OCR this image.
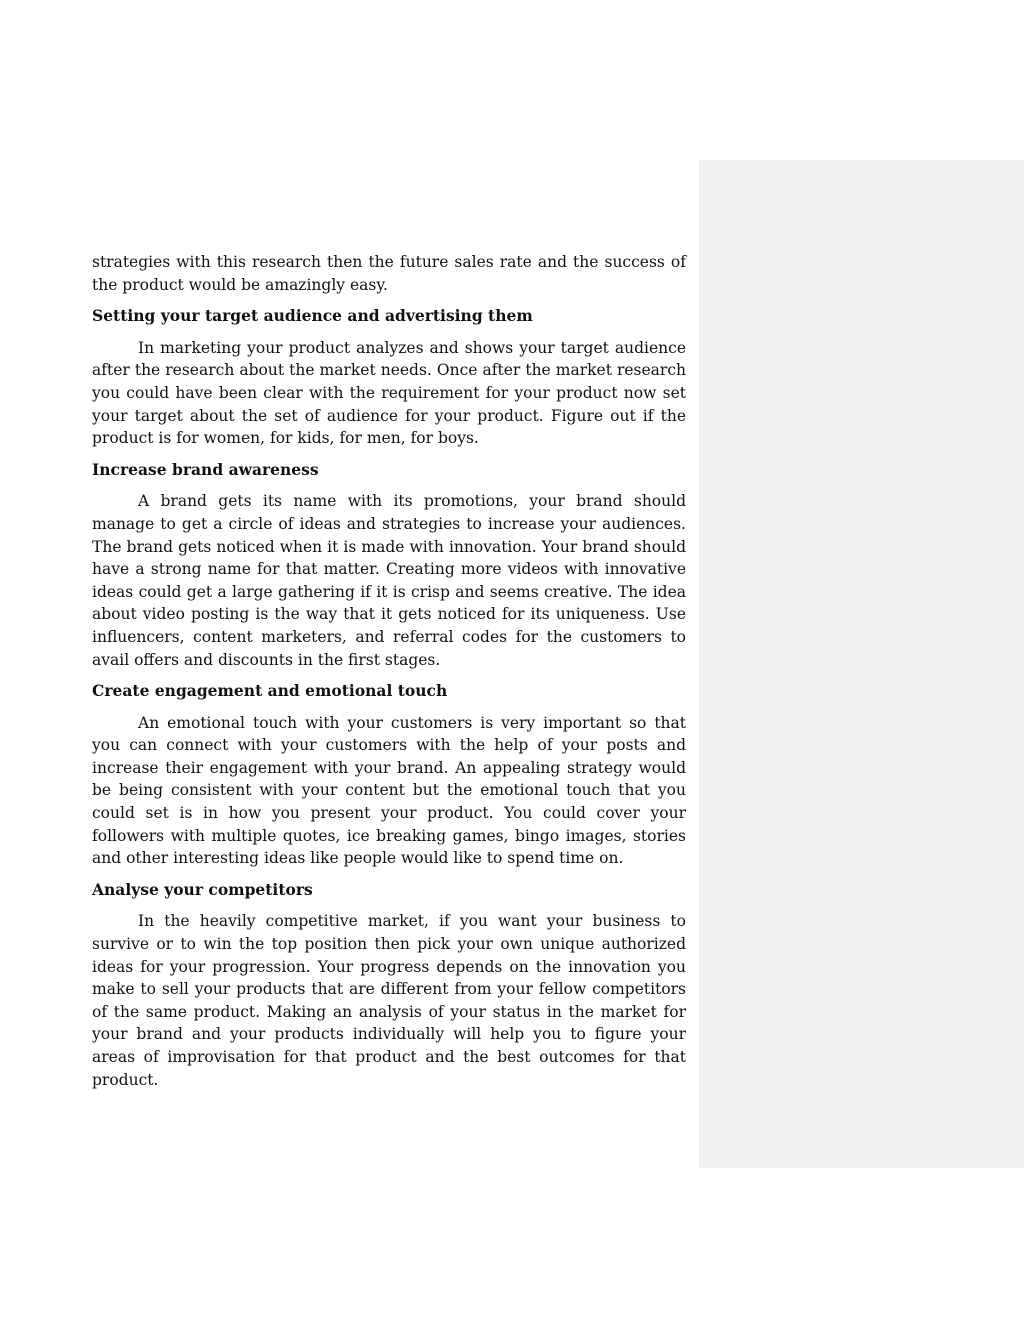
strategies with this research then the future sales rate and the success of the product would be amazingly easy.

Setting your target audience and advertising them

In marketing your product analyzes and shows your target audience after the research about the market needs. Once after the market research you could have been clear with the requirement for your product now set your target about the set of audience for your product. Figure out if the product is for women, for kids, for men, for boys.

Increase brand awareness

A brand gets its name with its promotions, your brand should manage to get a circle of ideas and strategies to increase your audiences. The brand gets noticed when it is made with innovation. Your brand should have a strong name for that matter. Creating more videos with innovative ideas could get a large gathering if it is crisp and seems creative. The idea about video posting is the way that it gets noticed for its uniqueness. Use influencers, content marketers, and referral codes for the customers to avail offers and discounts in the first stages.

Create engagement and emotional touch

An emotional touch with your customers is very important so that you can connect with your customers with the help of your posts and increase their engagement with your brand. An appealing strategy would be being consistent with your content but the emotional touch that you could set is in how you present your product. You could cover your followers with multiple quotes, ice breaking games, bingo images, stories and other interesting ideas like people would like to spend time on.

Analyse your competitors

In the heavily competitive market, if you want your business to survive or to win the top position then pick your own unique authorized ideas for your progression. Your progress depends on the innovation you make to sell your products that are different from your fellow competitors of the same product. Making an analysis of your status in the market for your brand and your products individually will help you to figure your areas of improvisation for that product and the best outcomes for that product.
